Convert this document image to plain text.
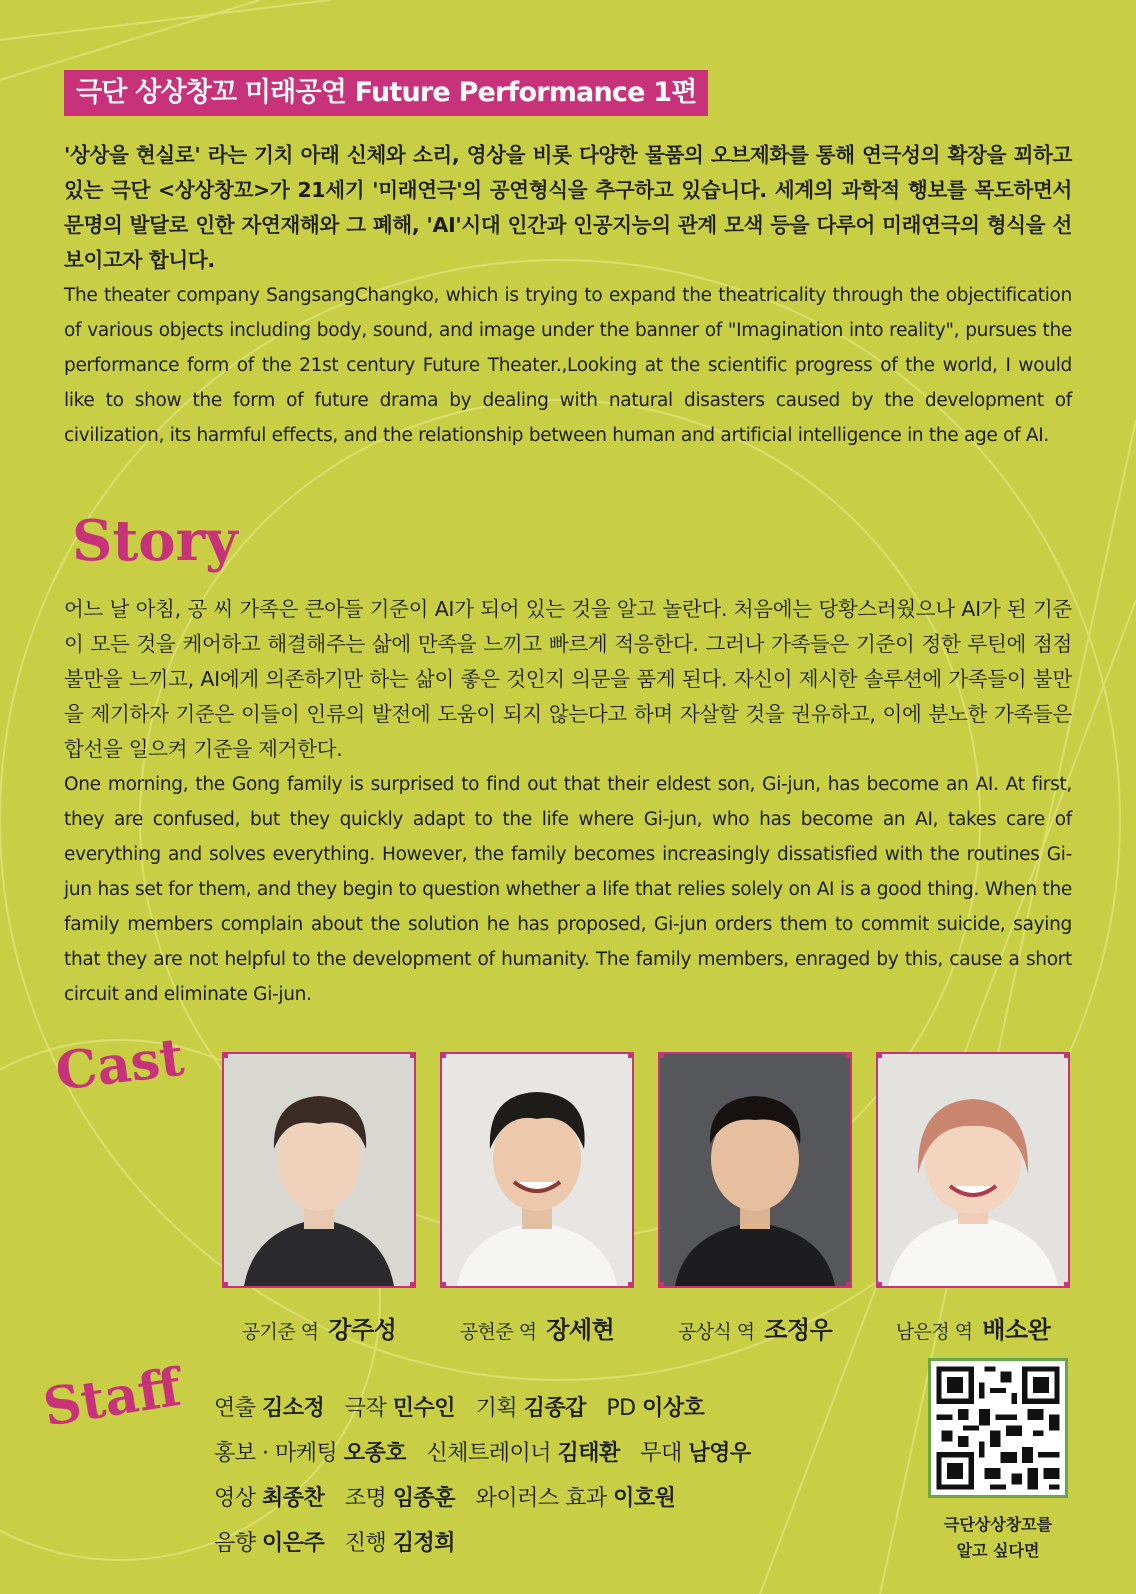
극단 상상창꼬 미래공연 Future Performance 1편
'상상을 현실로' 라는 기치 아래 신체와 소리, 영상을 비롯 다양한 물품의 오브제화를 통해 연극성의 확장을 꾀하고 있는 극단 <상상창꼬>가 21세기 '미래연극'의 공연형식을 추구하고 있습니다. 세계의 과학적 행보를 목도하면서 문명의 발달로 인한 자연재해와 그 폐해, 'AI'시대 인간과 인공지능의 관계 모색 등을 다루어 미래연극의 형식을 선보이고자 합니다.
The theater company SangsangChangko, which is trying to expand the theatricality through the objectification of various objects including body, sound, and image under the banner of "Imagination into reality", pursues the performance form of the 21st century Future Theater.,Looking at the scientific progress of the world, I would like to show the form of future drama by dealing with natural disasters caused by the development of civilization, its harmful effects, and the relationship between human and artificial intelligence in the age of AI.
Story
어느 날 아침, 공 씨 가족은 큰아들 기준이 AI가 되어 있는 것을 알고 놀란다. 처음에는 당황스러웠으나 AI가 된 기준이 모든 것을 케어하고 해결해주는 삶에 만족을 느끼고 빠르게 적응한다. 그러나 가족들은 기준이 정한 루틴에 점점 불만을 느끼고, AI에게 의존하기만 하는 삶이 좋은 것인지 의문을 품게 된다. 자신이 제시한 솔루션에 가족들이 불만을 제기하자 기준은 이들이 인류의 발전에 도움이 되지 않는다고 하며 자살할 것을 권유하고, 이에 분노한 가족들은 합선을 일으켜 기준을 제거한다.
One morning, the Gong family is surprised to find out that their eldest son, Gi-jun, has become an AI. At first, they are confused, but they quickly adapt to the life where Gi-jun, who has become an AI, takes care of everything and solves everything. However, the family becomes increasingly dissatisfied with the routines Gi-jun has set for them, and they begin to question whether a life that relies solely on AI is a good thing. When the family members complain about the solution he has proposed, Gi-jun orders them to commit suicide, saying that they are not helpful to the development of humanity. The family members, enraged by this, cause a short circuit and eliminate Gi-jun.
Cast
공기준 역 강주성	공현준 역 장세현	공상식 역 조정우	남은정 역 배소완
Staff 연출 김소정 극작 민수인 기획 김종갑 PD 이상호
홍보 · 마케팅 오종호 신체트레이너 김태환 무대 남영우
영상 최종찬 조명 임종훈 와이러스 효과 이호원
음향 이은주 진행 김정희
극단상상창꼬를
알고 싶다면
